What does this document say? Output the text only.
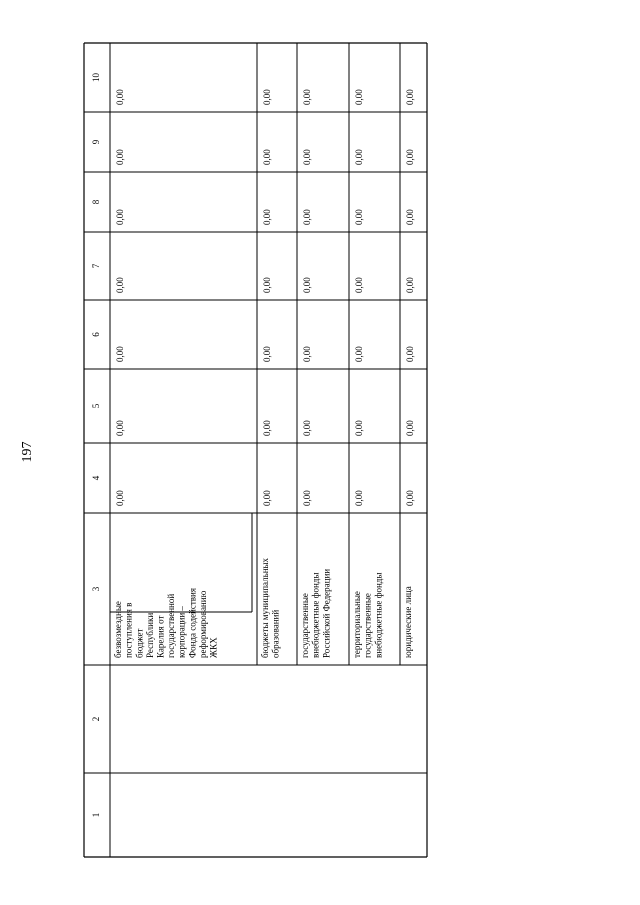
197
1
2
3
4
5
6
7
8
9
10
безвозмездные поступления в бюджет Республики Карелия от государственной корпорации – Фонда содействия реформированию ЖКХ
0,00
0,00
0,00
0,00
0,00
0,00
0,00
бюджеты муниципальных образований
0,00
0,00
0,00
0,00
0,00
0,00
0,00
государственные внебюджетные фонды Российской Федерации
0,00
0,00
0,00
0,00
0,00
0,00
0,00
территориальные государственные внебюджетные фонды
0,00
0,00
0,00
0,00
0,00
0,00
0,00
юридические лица
0,00
0,00
0,00
0,00
0,00
0,00
0,00
